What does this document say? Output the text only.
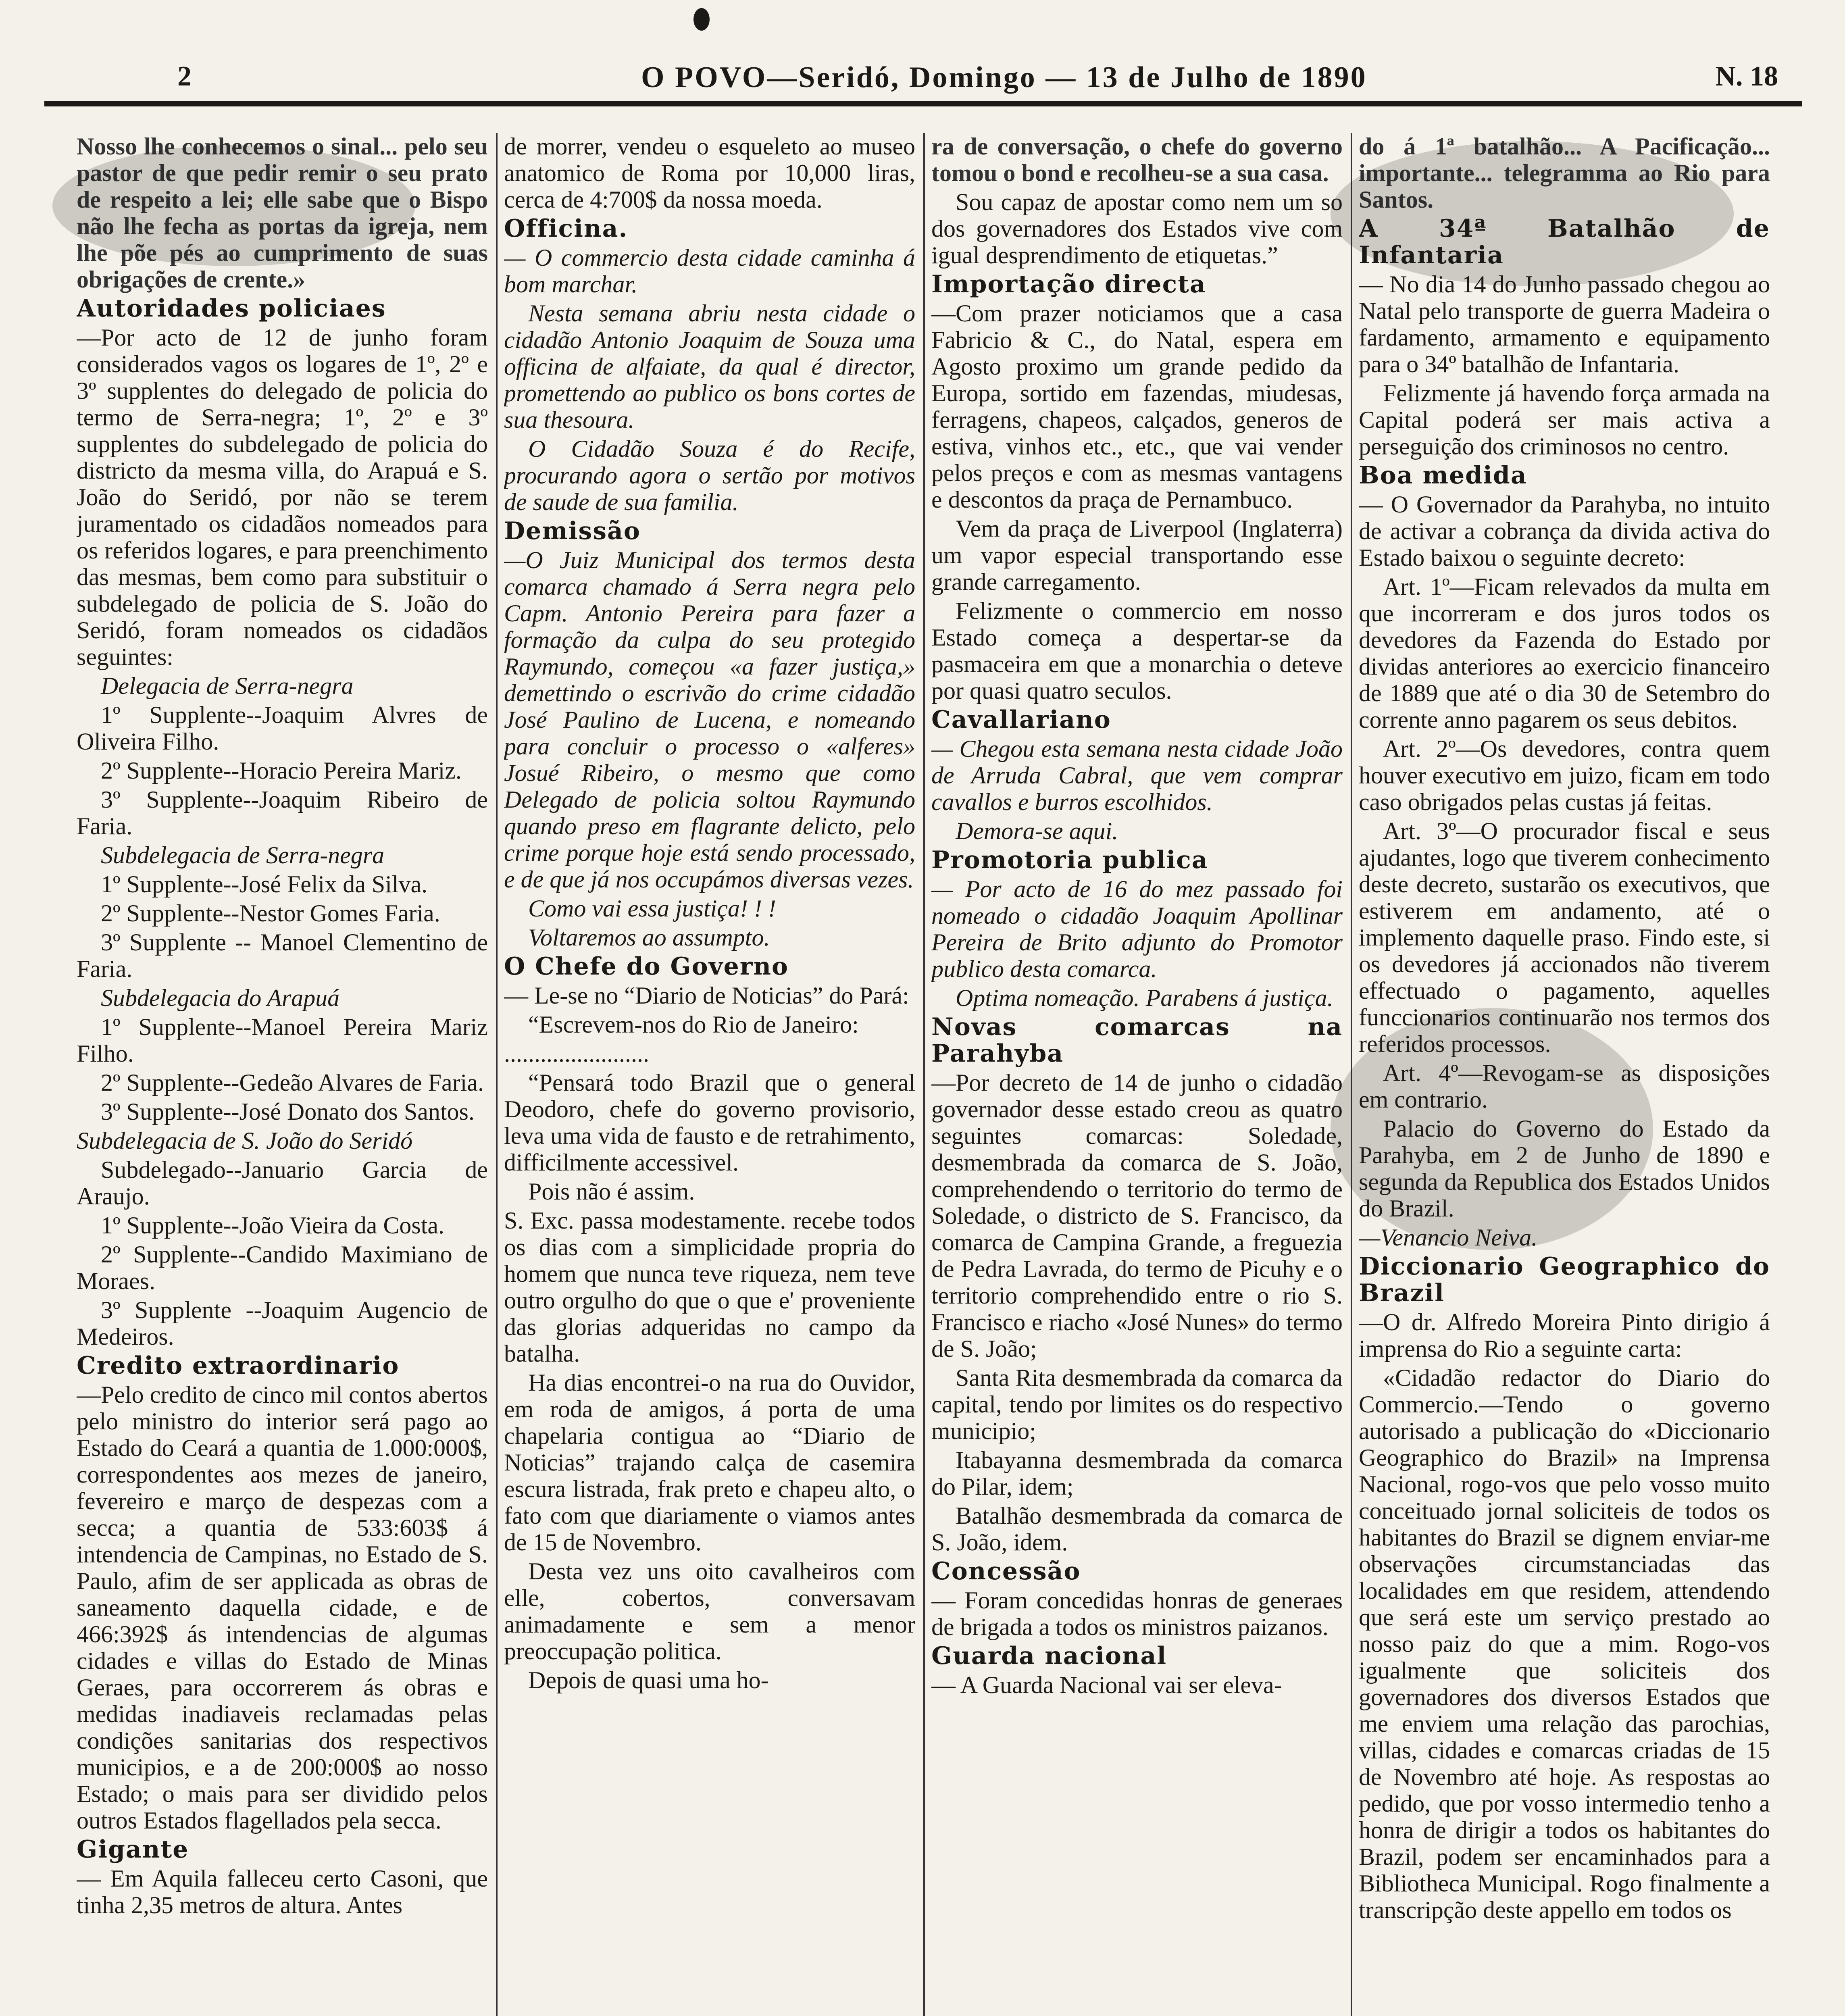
2	O POVO—Seridó, Domingo — 13 de Julho de 1890	N. 18

Nosso lhe conhecemos o sinal... pelo seu pastor de que pedir remir o seu prato de respeito a lei; elle sabe que o Bispo não lhe fecha as portas da igreja, nem lhe põe pés ao cumprimento de suas obrigações de crente.»

Autoridades policiaes

—Por acto de 12 de junho foram considerados vagos os logares de 1º, 2º e 3º supplentes do delegado de policia do termo de Serra-negra; 1º, 2º e 3º supplentes do subdelegado de policia do districto da mesma villa, do Arapuá e S. João do Seridó, por não se terem juramentado os cidadãos nomeados para os referidos logares, e para preenchimento das mesmas, bem como para substituir o subdelegado de policia de S. João do Seridó, foram nomeados os cidadãos seguintes:

Delegacia de Serra-negra

1º Supplente--Joaquim Alvres de Oliveira Filho.

2º Supplente--Horacio Pereira Mariz.

3º Supplente--Joaquim Ribeiro de Faria.

Subdelegacia de Serra-negra

1º Supplente--José Felix da Silva.

2º Supplente--Nestor Gomes Faria.

3º Supplente -- Manoel Clementino de Faria.

Subdelegacia do Arapuá

1º Supplente--Manoel Pereira Mariz Filho.

2º Supplente--Gedeão Alvares de Faria.

3º Supplente--José Donato dos Santos.

Subdelegacia de S. João do Seridó

Subdelegado--Januario Garcia de Araujo.

1º Supplente--João Vieira da Costa.

2º Supplente--Candido Maximiano de Moraes.

3º Supplente --Joaquim Augencio de Medeiros.

Credito extraordinario

—Pelo credito de cinco mil contos abertos pelo ministro do interior será pago ao Estado do Ceará a quantia de 1.000:000$, correspondentes aos mezes de janeiro, fevereiro e março de despezas com a secca; a quantia de 533:603$ á intendencia de Campinas, no Estado de S. Paulo, afim de ser applicada as obras de saneamento daquella cidade, e de 466:392$ ás intendencias de algumas cidades e villas do Estado de Minas Geraes, para occorrerem ás obras e medidas inadiaveis reclamadas pelas condições sanitarias dos respectivos municipios, e a de 200:000$ ao nosso Estado; o mais para ser dividido pelos outros Estados flagellados pela secca.

Gigante

— Em Aquila falleceu certo Casoni, que tinha 2,35 metros de altura. Antes

de morrer, vendeu o esqueleto ao museo anatomico de Roma por 10,000 liras, cerca de 4:700$ da nossa moeda.

Officina.

— O commercio desta cidade caminha á bom marchar.

Nesta semana abriu nesta cidade o cidadão Antonio Joaquim de Souza uma officina de alfaiate, da qual é director, promettendo ao publico os bons cortes de sua thesoura.

O Cidadão Souza é do Recife, procurando agora o sertão por motivos de saude de sua familia.

Demissão

—O Juiz Municipal dos termos desta comarca chamado á Serra negra pelo Capm. Antonio Pereira para fazer a formação da culpa do seu protegido Raymundo, começou «a fazer justiça,» demettindo o escrivão do crime cidadão José Paulino de Lucena, e nomeando para concluir o processo o «alferes» Josué Ribeiro, o mesmo que como Delegado de policia soltou Raymundo quando preso em flagrante delicto, pelo crime porque hoje está sendo processado, e de que já nos occupámos diversas vezes.

Como vai essa justiça! ! !

Voltaremos ao assumpto.

O Chefe do Governo

— Le-se no “Diario de Noticias” do Pará:

“Escrevem-nos do Rio de Janeiro:

........................

“Pensará todo Brazil que o general Deodoro, chefe do governo provisorio, leva uma vida de fausto e de retrahimento, difficilmente accessivel.

Pois não é assim.

S. Exc. passa modestamente. recebe todos os dias com a simplicidade propria do homem que nunca teve riqueza, nem teve outro orgulho do que o que e' proveniente das glorias adqueridas no campo da batalha.

Ha dias encontrei-o na rua do Ouvidor, em roda de amigos, á porta de uma chapelaria contigua ao “Diario de Noticias” trajando calça de casemira escura listrada, frak preto e chapeu alto, o fato com que diariamente o viamos antes de 15 de Novembro.

Desta vez uns oito cavalheiros com elle, cobertos, conversavam animadamente e sem a menor preoccupação politica.

Depois de quasi uma ho-

ra de conversação, o chefe do governo tomou o bond e recolheu-se a sua casa.

Sou capaz de apostar como nem um so dos governadores dos Estados vive com igual desprendimento de etiquetas.”

Importação directa

—Com prazer noticiamos que a casa Fabricio & C., do Natal, espera em Agosto proximo um grande pedido da Europa, sortido em fazendas, miudesas, ferragens, chapeos, calçados, generos de estiva, vinhos etc., etc., que vai vender pelos preços e com as mesmas vantagens e descontos da praça de Pernambuco.

Vem da praça de Liverpool (Inglaterra) um vapor especial transportando esse grande carregamento.

Felizmente o commercio em nosso Estado começa a despertar-se da pasmaceira em que a monarchia o deteve por quasi quatro seculos.

Cavallariano

— Chegou esta semana nesta cidade João de Arruda Cabral, que vem comprar cavallos e burros escolhidos.

Demora-se aqui.

Promotoria publica

— Por acto de 16 do mez passado foi nomeado o cidadão Joaquim Apollinar Pereira de Brito adjunto do Promotor publico desta comarca.

Optima nomeação. Parabens á justiça.

Novas comarcas na Parahyba

—Por decreto de 14 de junho o cidadão governador desse estado creou as quatro seguintes comarcas: Soledade, desmembrada da comarca de S. João, comprehendendo o territorio do termo de Soledade, o districto de S. Francisco, da comarca de Campina Grande, a freguezia de Pedra Lavrada, do termo de Picuhy e o territorio comprehendido entre o rio S. Francisco e riacho «José Nunes» do termo de S. João;

Santa Rita desmembrada da comarca da capital, tendo por limites os do respectivo municipio;

Itabayanna desmembrada da comarca do Pilar, idem;

Batalhão desmembrada da comarca de S. João, idem.

Concessão

— Foram concedidas honras de generaes de brigada a todos os ministros paizanos.

Guarda nacional

— A Guarda Nacional vai ser eleva-

do á 1ª batalhão... A Pacificação... importante... telegramma ao Rio para Santos.

A 34ª Batalhão de Infantaria

— No dia 14 do Junho passado chegou ao Natal pelo transporte de guerra Madeira o fardamento, armamento e equipamento para o 34º batalhão de Infantaria.

Felizmente já havendo força armada na Capital poderá ser mais activa a perseguição dos criminosos no centro.

Boa medida

— O Governador da Parahyba, no intuito de activar a cobrança da divida activa do Estado baixou o seguinte decreto:

Art. 1º—Ficam relevados da multa em que incorreram e dos juros todos os devedores da Fazenda do Estado por dividas anteriores ao exercicio financeiro de 1889 que até o dia 30 de Setembro do corrente anno pagarem os seus debitos.

Art. 2º—Os devedores, contra quem houver executivo em juizo, ficam em todo caso obrigados pelas custas já feitas.

Art. 3º—O procurador fiscal e seus ajudantes, logo que tiverem conhecimento deste decreto, sustarão os executivos, que estiverem em andamento, até o implemento daquelle praso. Findo este, si os devedores já accionados não tiverem effectuado o pagamento, aquelles funccionarios continuarão nos termos dos referidos processos.

Art. 4º—Revogam-se as disposições em contrario.

Palacio do Governo do Estado da Parahyba, em 2 de Junho de 1890 e segunda da Republica dos Estados Unidos do Brazil.

—Venancio Neiva.

Diccionario Geographico do Brazil

—O dr. Alfredo Moreira Pinto dirigio á imprensa do Rio a seguinte carta:

«Cidadão redactor do Diario do Commercio.—Tendo o governo autorisado a publicação do «Diccionario Geographico do Brazil» na Imprensa Nacional, rogo-vos que pelo vosso muito conceituado jornal soliciteis de todos os habitantes do Brazil se dignem enviar-me observações circumstanciadas das localidades em que residem, attendendo que será este um serviço prestado ao nosso paiz do que a mim. Rogo-vos igualmente que soliciteis dos governadores dos diversos Estados que me enviem uma relação das parochias, villas, cidades e comarcas criadas de 15 de Novembro até hoje. As respostas ao pedido, que por vosso intermedio tenho a honra de dirigir a todos os habitantes do Brazil, podem ser encaminhados para a Bibliotheca Municipal. Rogo finalmente a transcripção deste appello em todos os
